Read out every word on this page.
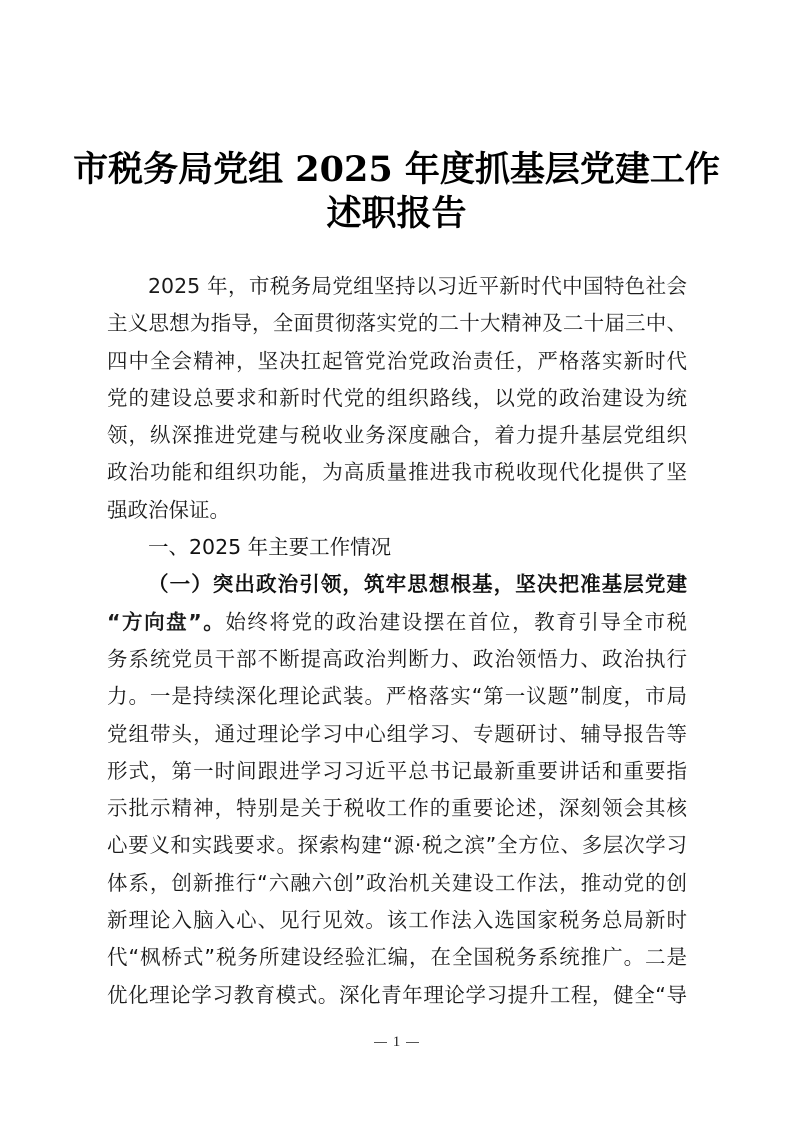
市税务局党组 2025 年度抓基层党建工作
述职报告
2025 年，市税务局党组坚持以习近平新时代中国特色社会
主义思想为指导，全面贯彻落实党的二十大精神及二十届三中、
四中全会精神，坚决扛起管党治党政治责任，严格落实新时代
党的建设总要求和新时代党的组织路线，以党的政治建设为统
领，纵深推进党建与税收业务深度融合，着力提升基层党组织
政治功能和组织功能，为高质量推进我市税收现代化提供了坚
强政治保证。
一、2025 年主要工作情况
（一）突出政治引领，筑牢思想根基，坚决把准基层党建
“方向盘”。始终将党的政治建设摆在首位，教育引导全市税
务系统党员干部不断提高政治判断力、政治领悟力、政治执行
力。一是持续深化理论武装。严格落实“第一议题”制度，市局
党组带头，通过理论学习中心组学习、专题研讨、辅导报告等
形式，第一时间跟进学习习近平总书记最新重要讲话和重要指
示批示精神，特别是关于税收工作的重要论述，深刻领会其核
心要义和实践要求。探索构建“源·税之滨”全方位、多层次学习
体系，创新推行“六融六创”政治机关建设工作法，推动党的创
新理论入脑入心、见行见效。该工作法入选国家税务总局新时
代“枫桥式”税务所建设经验汇编，在全国税务系统推广。二是
优化理论学习教育模式。深化青年理论学习提升工程，健全“导
1
